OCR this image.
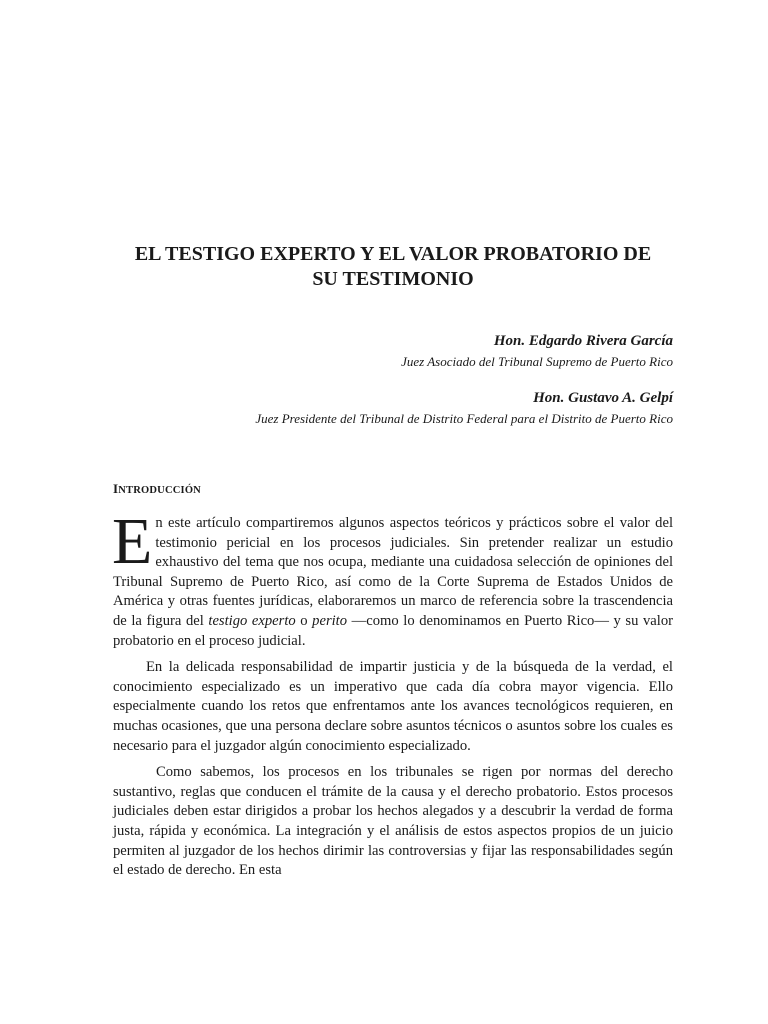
EL TESTIGO EXPERTO Y EL VALOR PROBATORIO DE
SU TESTIMONIO
Hon. Edgardo Rivera García
Juez Asociado del Tribunal Supremo de Puerto Rico
Hon. Gustavo A. Gelpí
Juez Presidente del Tribunal de Distrito Federal para el Distrito de Puerto Rico
INTRODUCCIÓN

En este artículo compartiremos algunos aspectos teóricos y prácticos sobre el valor del testimonio pericial en los procesos judiciales. Sin pretender realizar un estudio exhaustivo del tema que nos ocupa, mediante una cuidadosa selección de opiniones del Tribunal Supremo de Puerto Rico, así como de la Corte Suprema de Estados Unidos de América y otras fuentes jurídicas, elaboraremos un marco de referencia sobre la trascendencia de la figura del testigo experto o perito —como lo denominamos en Puerto Rico— y su valor probatorio en el proceso judicial.

En la delicada responsabilidad de impartir justicia y de la búsqueda de la verdad, el conocimiento especializado es un imperativo que cada día cobra mayor vigencia. Ello especialmente cuando los retos que enfrentamos ante los avances tecnológicos requieren, en muchas ocasiones, que una persona declare sobre asuntos técnicos o asuntos sobre los cuales es necesario para el juzgador algún conocimiento especializado.

Como sabemos, los procesos en los tribunales se rigen por normas del derecho sustantivo, reglas que conducen el trámite de la causa y el derecho probatorio. Estos procesos judiciales deben estar dirigidos a probar los hechos alegados y a descubrir la verdad de forma justa, rápida y económica. La integración y el análisis de estos aspectos propios de un juicio permiten al juzgador de los hechos dirimir las controversias y fijar las responsabilidades según el estado de derecho. En esta
